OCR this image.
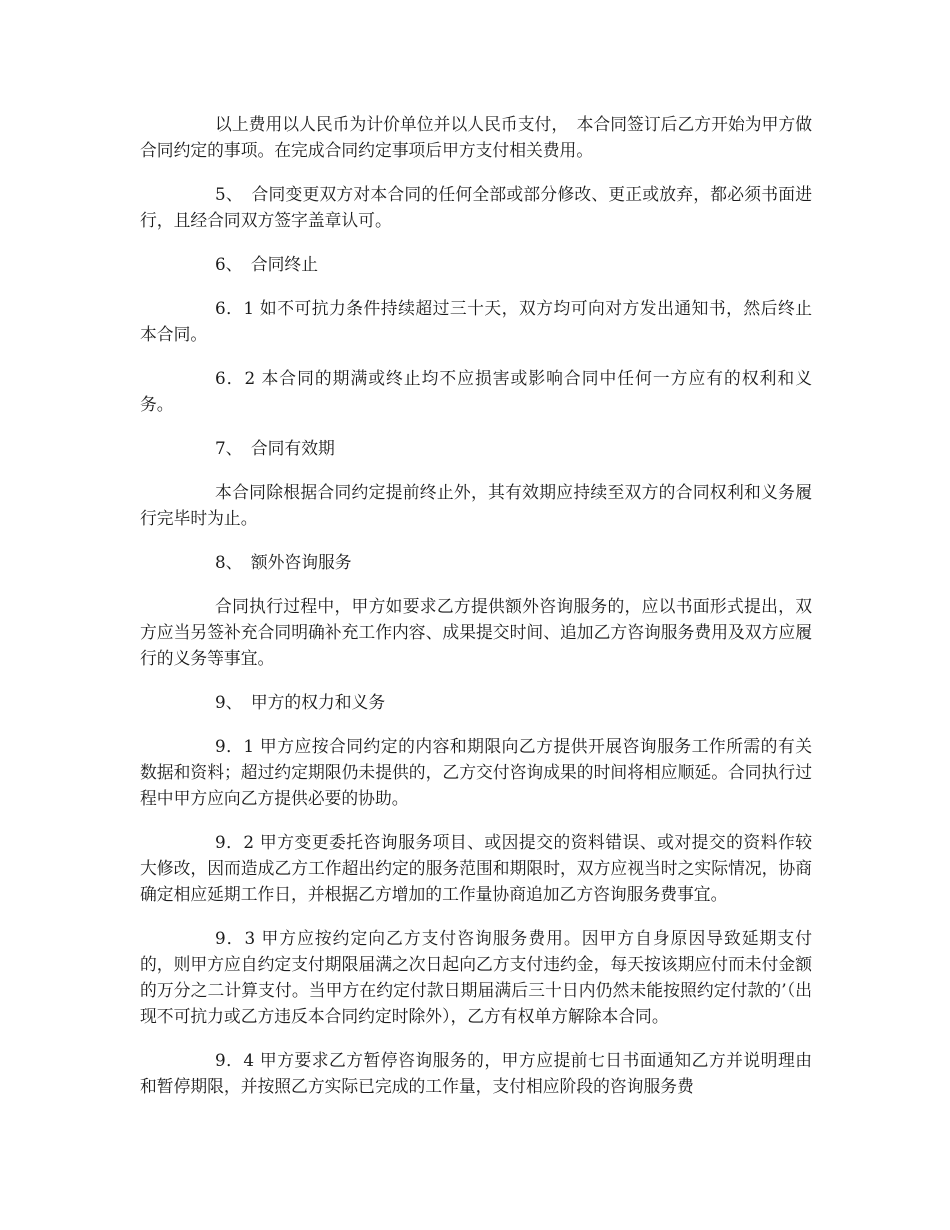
以上费用以人民币为计价单位并以人民币支付，　本合同签订后乙方开始为甲方做合同约定的事项。在完成合同约定事项后甲方支付相关费用。

5、　合同变更双方对本合同的任何全部或部分修改、更正或放弃，都必须书面进行，且经合同双方签字盖章认可。

6、　合同终止

6．1 如不可抗力条件持续超过三十天，双方均可向对方发出通知书，然后终止本合同。

6．2 本合同的期满或终止均不应损害或影响合同中任何一方应有的权利和义务。

7、　合同有效期

本合同除根据合同约定提前终止外，其有效期应持续至双方的合同权利和义务履行完毕时为止。

8、　额外咨询服务

合同执行过程中，甲方如要求乙方提供额外咨询服务的，应以书面形式提出，双方应当另签补充合同明确补充工作内容、成果提交时间、追加乙方咨询服务费用及双方应履行的义务等事宜。

9、　甲方的权力和义务

9．1 甲方应按合同约定的内容和期限向乙方提供开展咨询服务工作所需的有关数据和资料；超过约定期限仍未提供的，乙方交付咨询成果的时间将相应顺延。合同执行过程中甲方应向乙方提供必要的协助。

9．2 甲方变更委托咨询服务项目、或因提交的资料错误、或对提交的资料作较大修改，因而造成乙方工作超出约定的服务范围和期限时，双方应视当时之实际情况，协商确定相应延期工作日，并根据乙方增加的工作量协商追加乙方咨询服务费事宜。

9．3 甲方应按约定向乙方支付咨询服务费用。因甲方自身原因导致延期支付的，则甲方应自约定支付期限届满之次日起向乙方支付违约金，每天按该期应付而未付金额的万分之二计算支付。当甲方在约定付款日期届满后三十日内仍然未能按照约定付款的’（出现不可抗力或乙方违反本合同约定时除外），乙方有权单方解除本合同。

9．4 甲方要求乙方暂停咨询服务的，甲方应提前七日书面通知乙方并说明理由和暂停期限，并按照乙方实际已完成的工作量，支付相应阶段的咨询服务费
